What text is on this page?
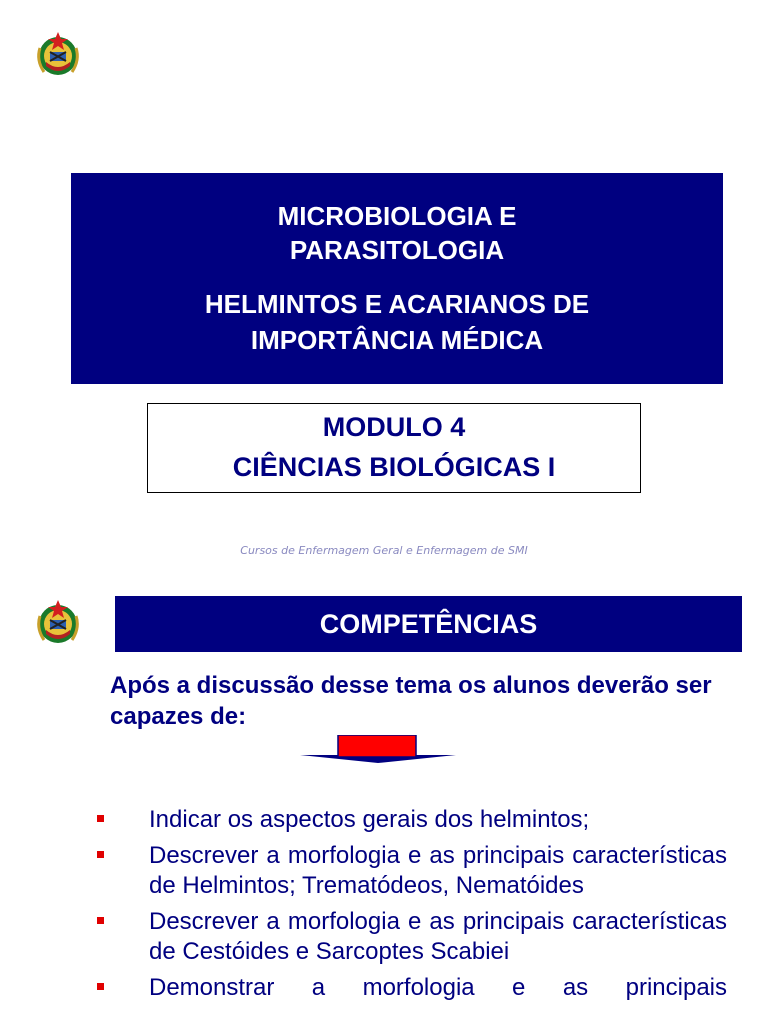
MICROBIOLOGIA E PARASITOLOGIA
HELMINTOS E ACARIANOS DE IMPORTÂNCIA MÉDICA
MODULO 4
CIÊNCIAS BIOLÓGICAS I
Cursos de Enfermagem Geral e Enfermagem de SMI
COMPETÊNCIAS
Após a discussão desse tema os alunos deverão ser capazes de:
Indicar os aspectos gerais dos helmintos;
Descrever a morfologia e as principais características de Helmintos; Trematódeos, Nematóides
Descrever a morfologia e as principais características de Cestóides e Sarcoptes Scabiei
Demonstrar a morfologia e as principais
